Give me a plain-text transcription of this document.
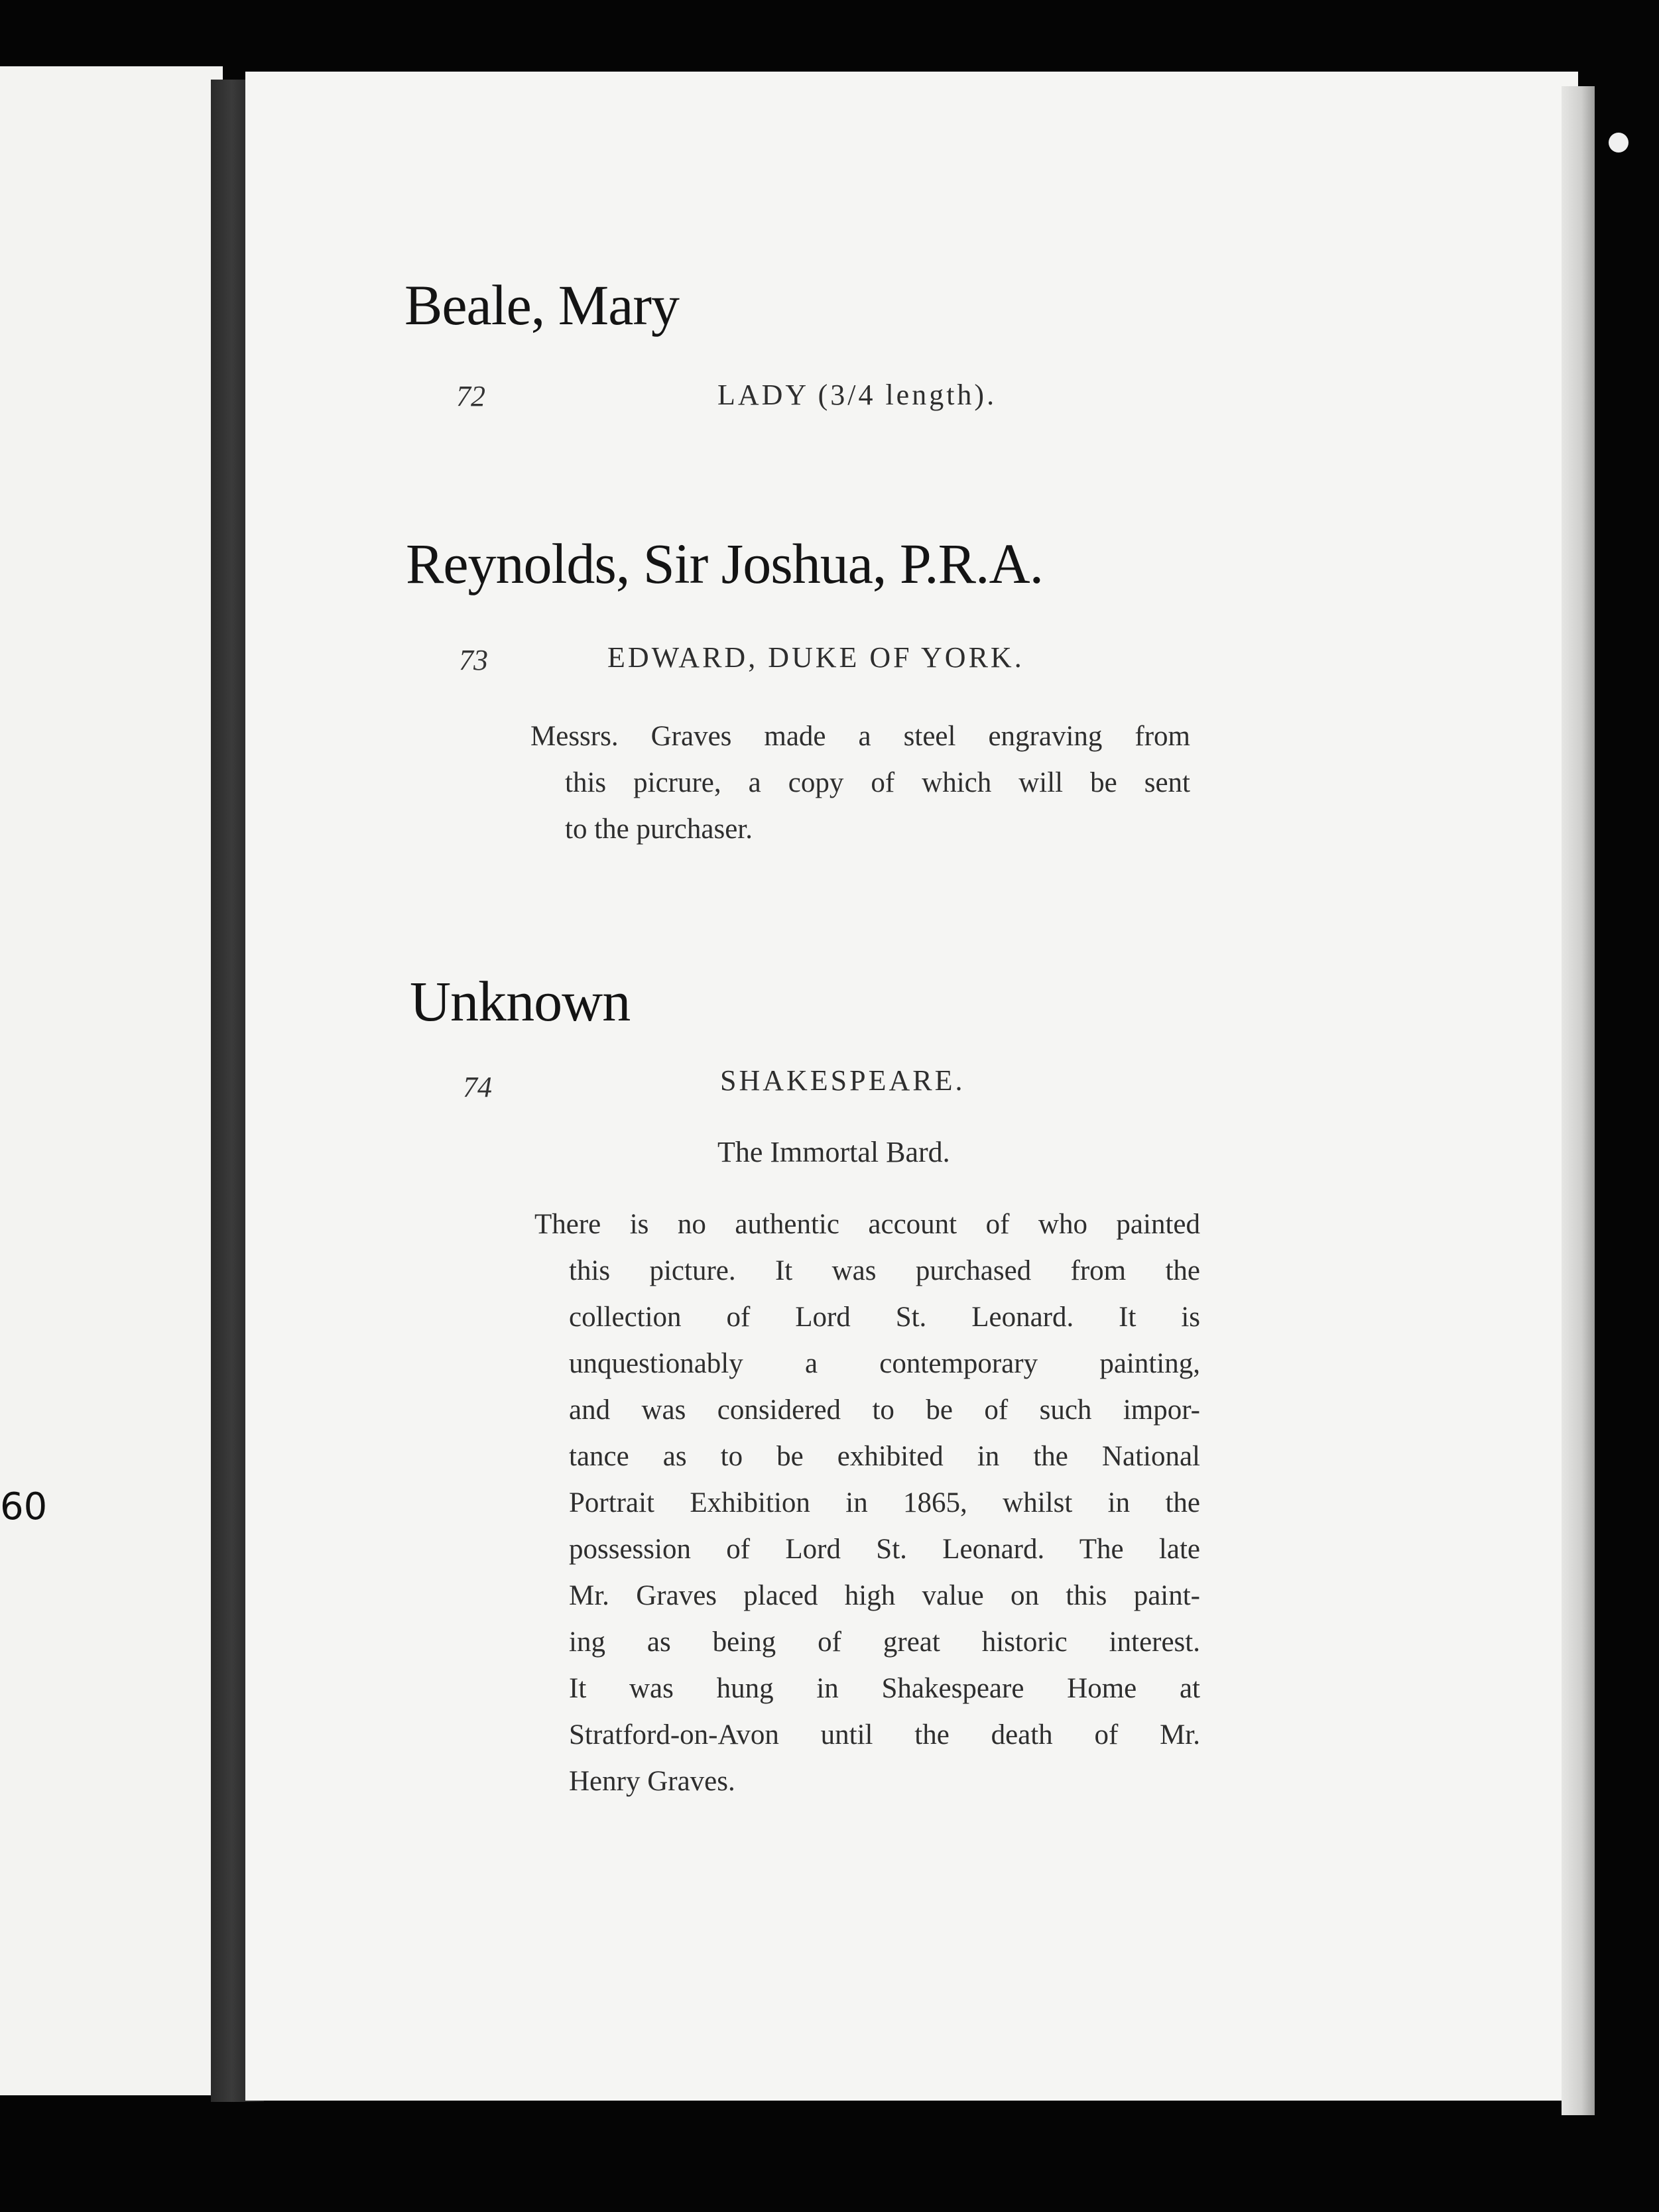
60
Beale, Mary
72	LADY (3/4 length).
Reynolds, Sir Joshua, P.R.A.
73	EDWARD, DUKE OF YORK.
Messrs. Graves made a steel engraving from
this picrure, a copy of which will be sent
to the purchaser.
Unknown
74	SHAKESPEARE.
The Immortal Bard.
There is no authentic account of who painted
this picture. It was purchased from the
collection of Lord St. Leonard. It is
unquestionably a contemporary painting,
and was considered to be of such impor-
tance as to be exhibited in the National
Portrait Exhibition in 1865, whilst in the
possession of Lord St. Leonard. The late
Mr. Graves placed high value on this paint-
ing as being of great historic interest.
It was hung in Shakespeare Home at
Stratford-on-Avon until the death of Mr.
Henry Graves.
